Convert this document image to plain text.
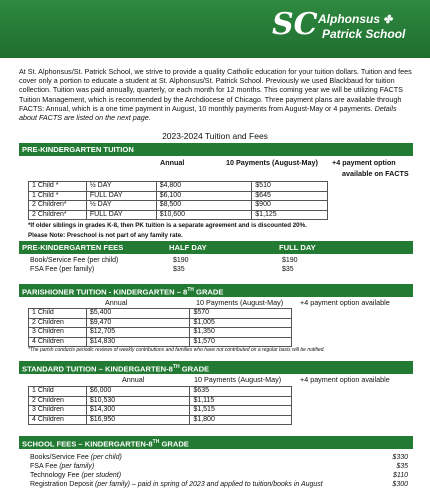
SC Alphonsus ✤
Patrick School
At St. Alphonsus/St. Patrick School, we strive to provide a quality Catholic education for your tuition dollars. Tuition and fees cover only a portion to educate a student at St. Alphonsus/St. Patrick School. Previously we used Blackbaud for tuition collection. Tuition was paid annually, quarterly, or each month for 12 months. This coming year we will be utilizing FACTS Tuition Management, which is recommended by the Archdiocese of Chicago. Three payment plans are available through FACTS: Annual, which is a one time payment in August, 10 monthly payments from August-May or 4 payments. Details about FACTS are listed on the next page.
2023-2024 Tuition and Fees
PRE-KINDERGARTEN TUITION
Annual	10 Payments (August-May) +4 payment option
available on FACTS
1 Child *	½ DAY	$4,800	$510
1 Child *	FULL DAY	$6,100	$645
2 Children*	½ DAY	$8,500	$900
2 Children*	FULL DAY	$10,600	$1,125
*If older siblings in grades K-8, then PK tuition is a separate agreement and is discounted 20%.
Please Note: Preschool is not part of any family rate.
PRE-KINDERGARTEN FEES	HALF DAY	FULL DAY
Book/Service Fee (per child)	$190	$190
FSA Fee (per family)	$35	$35
PARISHIONER TUITION - KINDERGARTEN – 8TH GRADE
Annual	10 Payments (August-May) +4 payment option available
1 Child	$5,400	$570
2 Children	$9,470	$1,005
3 Children	$12,705	$1,350
4 Children	$14,830	$1,570
*The parish conducts periodic reviews of weekly contributions and families who have not contributed on a regular basis will be notified.
STANDARD TUITION – KINDERGARTEN-8TH GRADE
Annual	10 Payments (August-May)	+4 payment option available
1 Child	$6,000	$635
2 Children	$10,530	$1,115
3 Children	$14,300	$1,515
4 Children	$16,950	$1,800
SCHOOL FEES – KINDERGARTEN-8TH GRADE
Books/Service Fee (per child)	$330
FSA Fee (per family)	$35
Technology Fee (per student)	$110
Registration Deposit (per family) – paid in spring of 2023 and applied to tuition/books in August	$300
